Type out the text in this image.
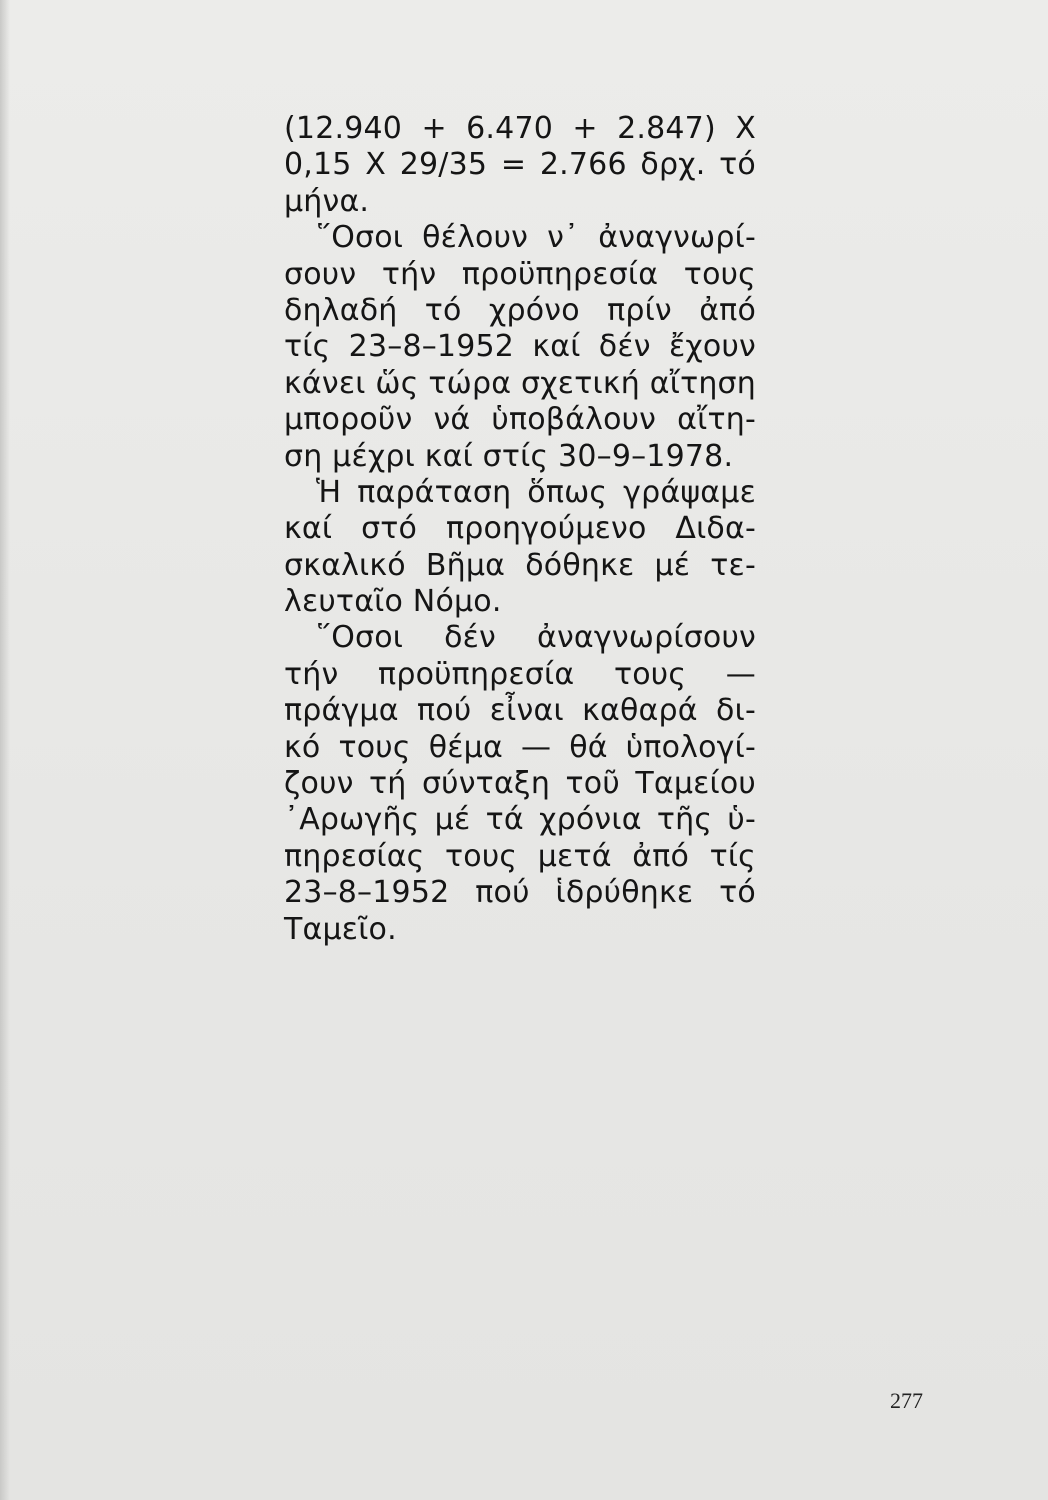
(12.940 + 6.470 + 2.847) X
0,15 X 29/35 = 2.766 δρχ. τό
μήνα.
῞Οσοι θέλουν ν᾽ ἀναγνωρί-
σουν τήν προϋπηρεσία τους
δηλαδή τό χρόνο πρίν ἀπό
τίς 23–8–1952 καί δέν ἔχουν
κάνει ὥς τώρα σχετική αἴτηση
μποροῦν νά ὑποβάλουν αἴτη-
ση μέχρι καί στίς 30–9–1978.
Ἡ παράταση ὅπως γράψαμε
καί στό προηγούμενο Διδα-
σκαλικό Βῆμα δόθηκε μέ τε-
λευταῖο Νόμο.
῞Οσοι δέν ἀναγνωρίσουν
τήν προϋπηρεσία τους —
πράγμα πού εἶναι καθαρά δι-
κό τους θέμα — θά ὑπολογί-
ζουν τή σύνταξη τοῦ Ταμείου
᾽Αρωγῆς μέ τά χρόνια τῆς ὑ-
πηρεσίας τους μετά ἀπό τίς
23–8–1952 πού ἱδρύθηκε τό
Ταμεῖο.
277
